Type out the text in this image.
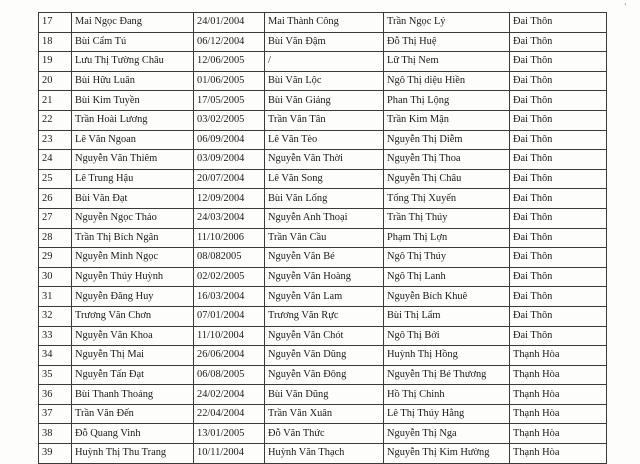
'
17	Mai Ngọc Đang	24/01/2004	Mai Thành Công	Trần Ngọc Lý	Đai Thôn
18	Bùi Cẩm Tú	06/12/2004	Bùi Văn Đậm	Đỗ Thị Huệ	Đai Thôn
19	Lưu Thị Tường Châu	12/06/2005	/	Lữ Thị Nem	Đai Thôn
20	Bùi Hữu Luân	01/06/2005	Bùi Văn Lộc	Ngô Thị diệu Hiền	Đai Thôn
21	Bùi Kim Tuyền	17/05/2005	Bùi Văn Giảng	Phan Thị Lộng	Đai Thôn
22	Trần Hoài Lương	03/02/2005	Trần Văn Tân	Trần Kim Mận	Đai Thôn
23	Lê Văn Ngoan	06/09/2004	Lê Văn Tèo	Nguyễn Thị Diễm	Đai Thôn
24	Nguyễn Văn Thiêm	03/09/2004	Nguyễn Văn Thời	Nguyễn Thị Thoa	Đai Thôn
25	Lê Trung Hậu	20/07/2004	Lê Văn Song	Nguyễn Thị Châu	Đai Thôn
26	Bùi Văn Đạt	12/09/2004	Bùi Văn Lống	Tống Thị Xuyến	Đai Thôn
27	Nguyễn Ngọc Thảo	24/03/2004	Nguyễn Anh Thoại	Trần Thị Thúy	Đai Thôn
28	Trần Thị Bích Ngân	11/10/2006	Trần Văn Cầu	Phạm Thị Lợn	Đai Thôn
29	Nguyễn Minh Ngọc	08/082005	Nguyễn Văn Bé	Ngô Thị Thúy	Đai Thôn
30	Nguyễn Thúy Huỳnh	02/02/2005	Nguyễn Văn Hoàng	Ngô Thị Lanh	Đai Thôn
31	Nguyễn Đăng Huy	16/03/2004	Nguyễn Văn Lam	Nguyễn Bích Khuê	Đai Thôn
32	Trương Văn Chơn	07/01/2004	Trương Văn Rực	Bùi Thị Lẩm	Đai Thôn
33	Nguyễn Văn Khoa	11/10/2004	Nguyễn Văn Chót	Ngô Thị Bởi	Đai Thôn
34	Nguyễn Thị Mai	26/06/2004	Nguyễn Văn Dũng	Huỳnh Thị Hồng	Thạnh Hòa
35	Nguyễn Tấn Đạt	06/08/2005	Nguyễn Văn Đông	Nguyễn Thị Bé Thương	Thạnh Hòa
36	Bùi Thanh Thoảng	24/02/2004	Bùi Văn Dũng	Hồ Thị Chinh	Thạnh Hòa
37	Trần Văn Đến	22/04/2004	Trần Văn Xuân	Lê Thị Thúy Hằng	Thạnh Hòa
38	Đỗ Quang Vinh	13/01/2005	Đỗ Văn Thức	Nguyễn Thị Nga	Thạnh Hòa
39	Huỳnh Thị Thu Trang	10/11/2004	Huỳnh Văn Thạch	Nguyễn Thị Kim Hường	Thạnh Hòa
